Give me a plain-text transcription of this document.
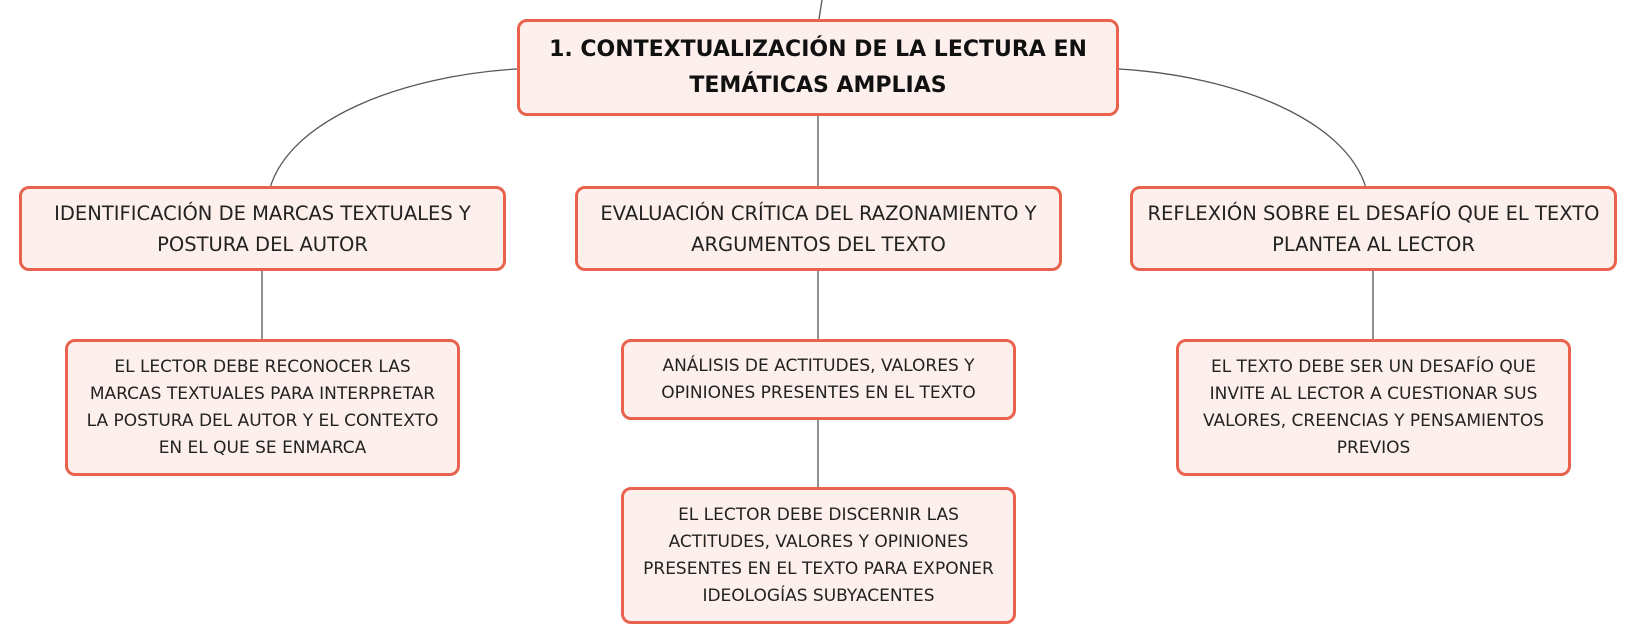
1. CONTEXTUALIZACIÓN DE LA LECTURA EN TEMÁTICAS AMPLIAS
IDENTIFICACIÓN DE MARCAS TEXTUALES Y POSTURA DEL AUTOR
EVALUACIÓN CRÍTICA DEL RAZONAMIENTO Y ARGUMENTOS DEL TEXTO
REFLEXIÓN SOBRE EL DESAFÍO QUE EL TEXTO PLANTEA AL LECTOR
EL LECTOR DEBE RECONOCER LAS MARCAS TEXTUALES PARA INTERPRETAR LA POSTURA DEL AUTOR Y EL CONTEXTO EN EL QUE SE ENMARCA
ANÁLISIS DE ACTITUDES, VALORES Y OPINIONES PRESENTES EN EL TEXTO
EL LECTOR DEBE DISCERNIR LAS ACTITUDES, VALORES Y OPINIONES PRESENTES EN EL TEXTO PARA EXPONER IDEOLOGÍAS SUBYACENTES
EL TEXTO DEBE SER UN DESAFÍO QUE INVITE AL LECTOR A CUESTIONAR SUS VALORES, CREENCIAS Y PENSAMIENTOS PREVIOS
